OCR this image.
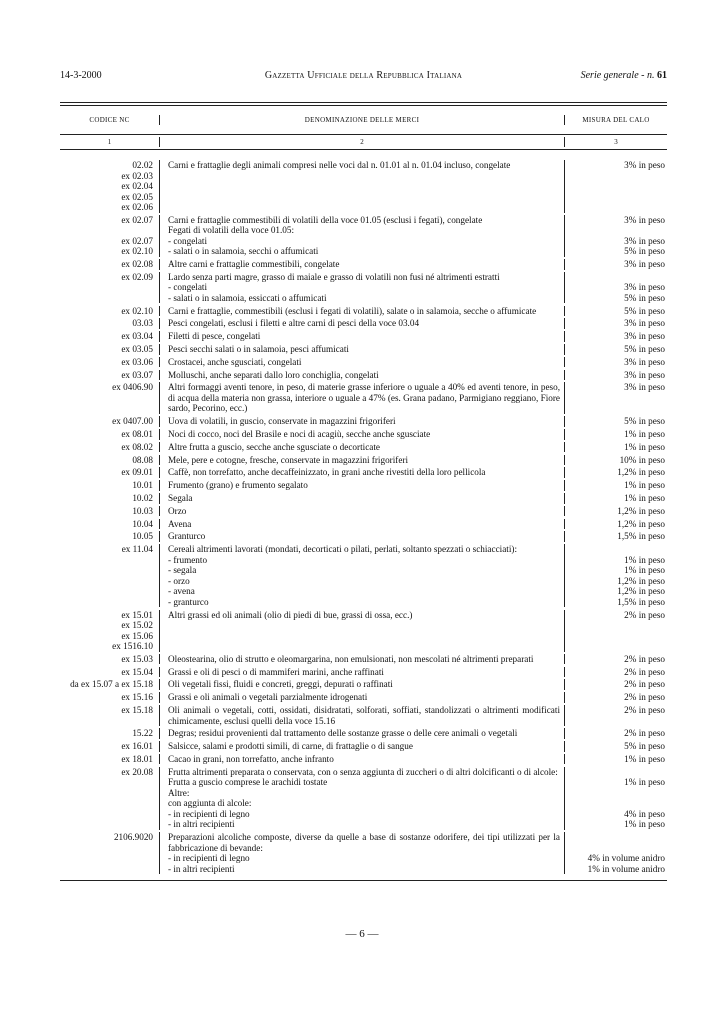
14-3-2000	Gazzetta Ufficiale della Repubblica Italiana	Serie generale - n. 61
CODICE NC	DENOMINAZIONE DELLE MERCI	MISURA DEL CALO
1	2	3
02.02	Carni e frattaglie degli animali compresi nelle voci dal n. 01.01 al n. 01.04 incluso, congelate	3% in peso
ex 02.03
ex 02.04
ex 02.05
ex 02.06
ex 02.07	Carni e frattaglie commestibili di volatili della voce 01.05 (esclusi i fegati), congelate	3% in peso
Fegati di volatili della voce 01.05:
ex 02.07	- congelati	3% in peso
ex 02.10	- salati o in salamoia, secchi o affumicati	5% in peso
ex 02.08	Altre carni e frattaglie commestibili, congelate	3% in peso
ex 02.09	Lardo senza parti magre, grasso di maiale e grasso di volatili non fusi né altrimenti estratti
- congelati	3% in peso
- salati o in salamoia, essiccati o affumicati	5% in peso
ex 02.10	Carni e frattaglie, commestibili (esclusi i fegati di volatili), salate o in salamoia, secche o affumicate	5% in peso
03.03	Pesci congelati, esclusi i filetti e altre carni di pesci della voce 03.04	3% in peso
ex 03.04	Filetti di pesce, congelati	3% in peso
ex 03.05	Pesci secchi salati o in salamoia, pesci affumicati	5% in peso
ex 03.06	Crostacei, anche sgusciati, congelati	3% in peso
ex 03.07	Molluschi, anche separati dallo loro conchiglia, congelati	3% in peso
ex 0406.90	Altri formaggi aventi tenore, in peso, di materie grasse inferiore o uguale a 40% ed aventi tenore, in peso, di acqua della materia non grassa, interiore o uguale a 47% (es. Grana padano, Parmigiano reggiano, Fiore sardo, Pecorino, ecc.)
3% in peso
ex 0407.00	Uova di volatili, in guscio, conservate in magazzini frigoriferi	5% in peso
ex 08.01	Noci di cocco, noci del Brasile e noci di acagiù, secche anche sgusciate	1% in peso
ex 08.02	Altre frutta a guscio, secche anche sgusciate o decorticate	1% in peso
08.08	Mele, pere e cotogne, fresche, conservate in magazzini frigoriferi	10% in peso
ex 09.01	Caffè, non torrefatto, anche decaffeinizzato, in grani anche rivestiti della loro pellicola	1,2% in peso
10.01	Frumento (grano) e frumento segalato	1% in peso
10.02	Segala	1% in peso
10.03	Orzo	1,2% in peso
10.04	Avena	1,2% in peso
10.05	Granturco	1,5% in peso
ex 11.04	Cereali altrimenti lavorati (mondati, decorticati o pilati, perlati, soltanto spezzati o schiacciati):
- frumento	1% in peso
- segala	1% in peso
- orzo	1,2% in peso
- avena	1,2% in peso
- granturco	1,5% in peso
ex 15.01	Altri grassi ed oli animali (olio di piedi di bue, grassi di ossa, ecc.)	2% in peso
ex 15.02
ex 15.06
ex 1516.10
ex 15.03	Oleostearina, olio di strutto e oleomargarina, non emulsionati, non mescolati né altrimenti preparati	2% in peso
ex 15.04	Grassi e oli di pesci o di mammiferi marini, anche raffinati	2% in peso
da ex 15.07 a ex 15.18	Oli vegetali fissi, fluidi e concreti, greggi, depurati o raffinati	2% in peso
ex 15.16	Grassi e oli animali o vegetali parzialmente idrogenati	2% in peso
ex 15.18	Oli animali o vegetali, cotti, ossidati, disidratati, solforati, soffiati, standolizzati o altrimenti modificati chimicamente, esclusi quelli della voce 15.16
2% in peso
15.22	Degras; residui provenienti dal trattamento delle sostanze grasse o delle cere animali o vegetali	2% in peso
ex 16.01	Salsicce, salami e prodotti simili, di carne, di frattaglie o di sangue	5% in peso
ex 18.01	Cacao in grani, non torrefatto, anche infranto	1% in peso
ex 20.08	Frutta altrimenti preparata o conservata, con o senza aggiunta di zuccheri o di altri dolcificanti o di alcole:
Frutta a guscio comprese le arachidi tostate	1% in peso
Altre:
con aggiunta di alcole:
- in recipienti di legno	4% in peso
- in altri recipienti	1% in peso
2106.9020	Preparazioni alcoliche composte, diverse da quelle a base di sostanze odorifere, dei tipi utilizzati per la fabbricazione di bevande:
- in recipienti di legno	4% in volume anidro
- in altri recipienti	1% in volume anidro
— 6 —
